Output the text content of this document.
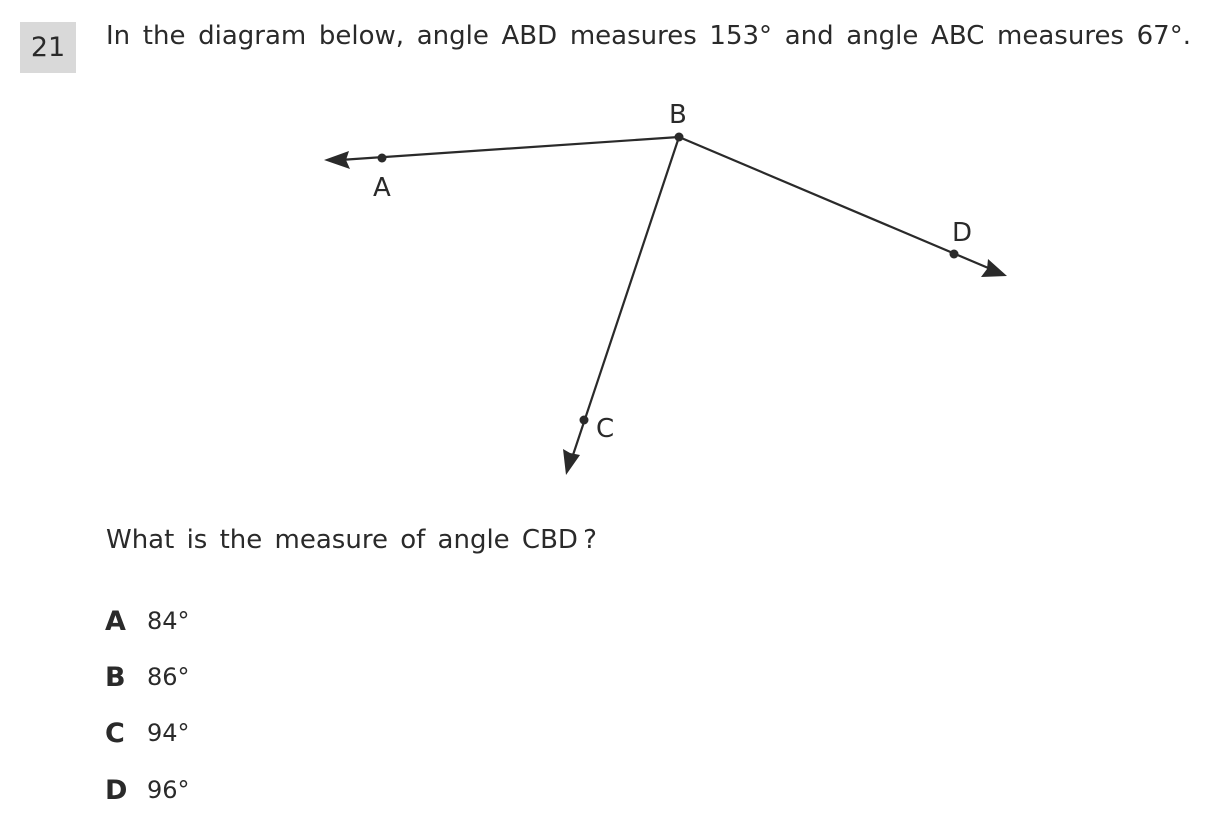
21 In the diagram below, angle ABD measures 153° and angle ABC measures 67°.
B
A
D
C
What is the measure of angle CBD ?
A 84°
B 86°
C 94°
D 96°
